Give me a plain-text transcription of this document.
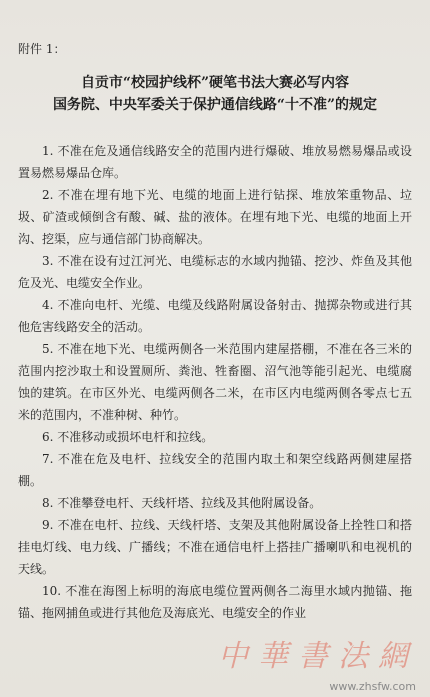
附件 1：
自贡市“校园护线杯”硬笔书法大赛必写内容
国务院、中央军委关于保护通信线路“十不准”的规定

1. 不准在危及通信线路安全的范围内进行爆破、堆放易燃易爆品或设置易燃易爆品仓库。

2. 不准在埋有地下光、电缆的地面上进行钻探、堆放笨重物品、垃圾、矿渣或倾倒含有酸、碱、盐的液体。在埋有地下光、电缆的地面上开沟、挖渠，应与通信部门协商解决。

3. 不准在设有过江河光、电缆标志的水域内抛锚、挖沙、炸鱼及其他危及光、电缆安全作业。

4. 不准向电杆、光缆、电缆及线路附属设备射击、抛掷杂物或进行其他危害线路安全的活动。

5. 不准在地下光、电缆两侧各一米范围内建屋搭棚，不准在各三米的范围内挖沙取土和设置厕所、粪池、牲畜圈、沼气池等能引起光、电缆腐蚀的建筑。在市区外光、电缆两侧各二米，在市区内电缆两侧各零点七五米的范围内，不准种树、种竹。

6. 不准移动或损坏电杆和拉线。

7. 不准在危及电杆、拉线安全的范围内取土和架空线路两侧建屋搭棚。

8. 不准攀登电杆、天线杆塔、拉线及其他附属设备。

9. 不准在电杆、拉线、天线杆塔、支架及其他附属设备上拴牲口和搭挂电灯线、电力线、广播线；不准在通信电杆上搭挂广播喇叭和电视机的天线。

10. 不准在海图上标明的海底电缆位置两侧各二海里水域内抛锚、拖锚、拖网捕鱼或进行其他危及海底光、电缆安全的作业

中華書法網
www.zhsfw.com
